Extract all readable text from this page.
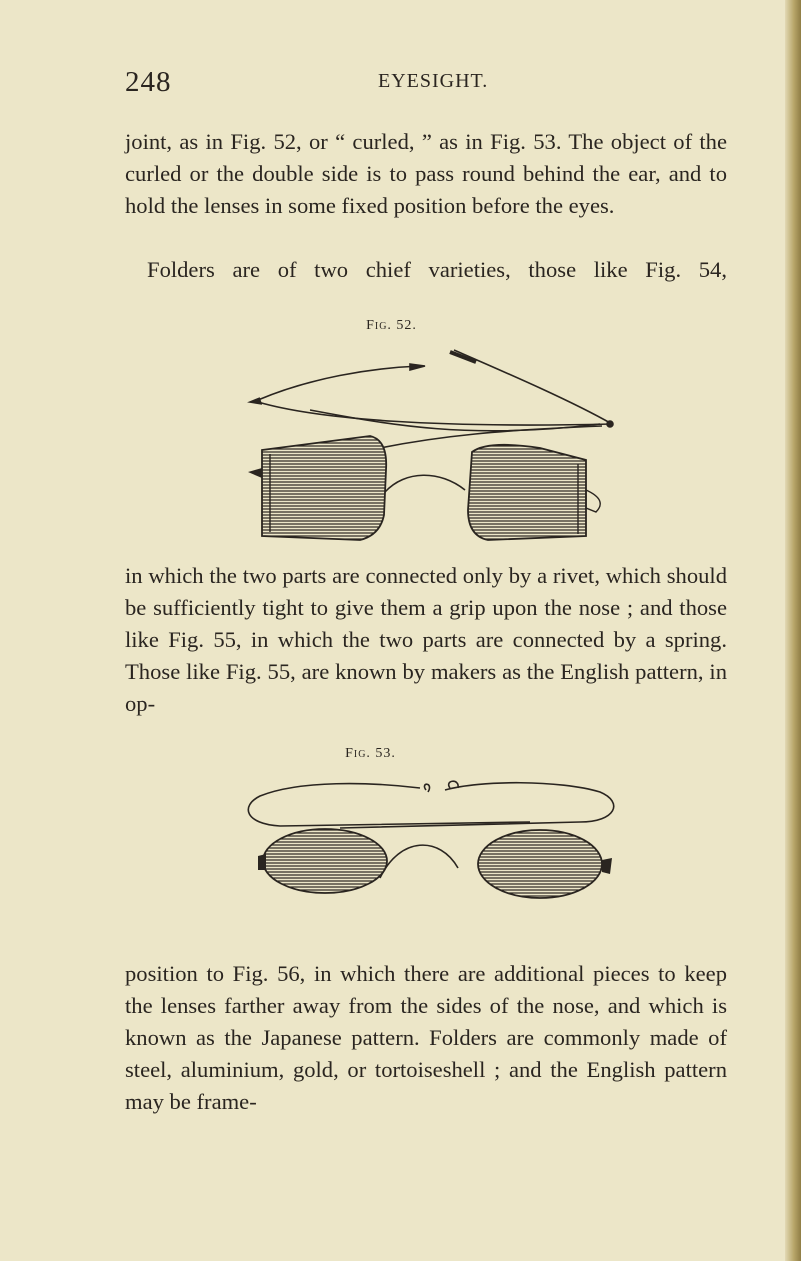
248	EYESIGHT.
joint, as in Fig. 52, or “ curled, ” as in Fig. 53. The object of the curled or the double side is to pass round behind the ear, and to hold the lenses in some fixed position before the eyes.
Folders are of two chief varieties, those like Fig. 54,
Fig. 52.
in which the two parts are connected only by a rivet, which should be sufficiently tight to give them a grip upon the nose ; and those like Fig. 55, in which the two parts are connected by a spring. Those like Fig. 55, are known by makers as the English pattern, in op-
Fig. 53.
position to Fig. 56, in which there are additional pieces to keep the lenses farther away from the sides of the nose, and which is known as the Japanese pattern. Folders are commonly made of steel, aluminium, gold, or tortoiseshell ; and the English pattern may be frame-
